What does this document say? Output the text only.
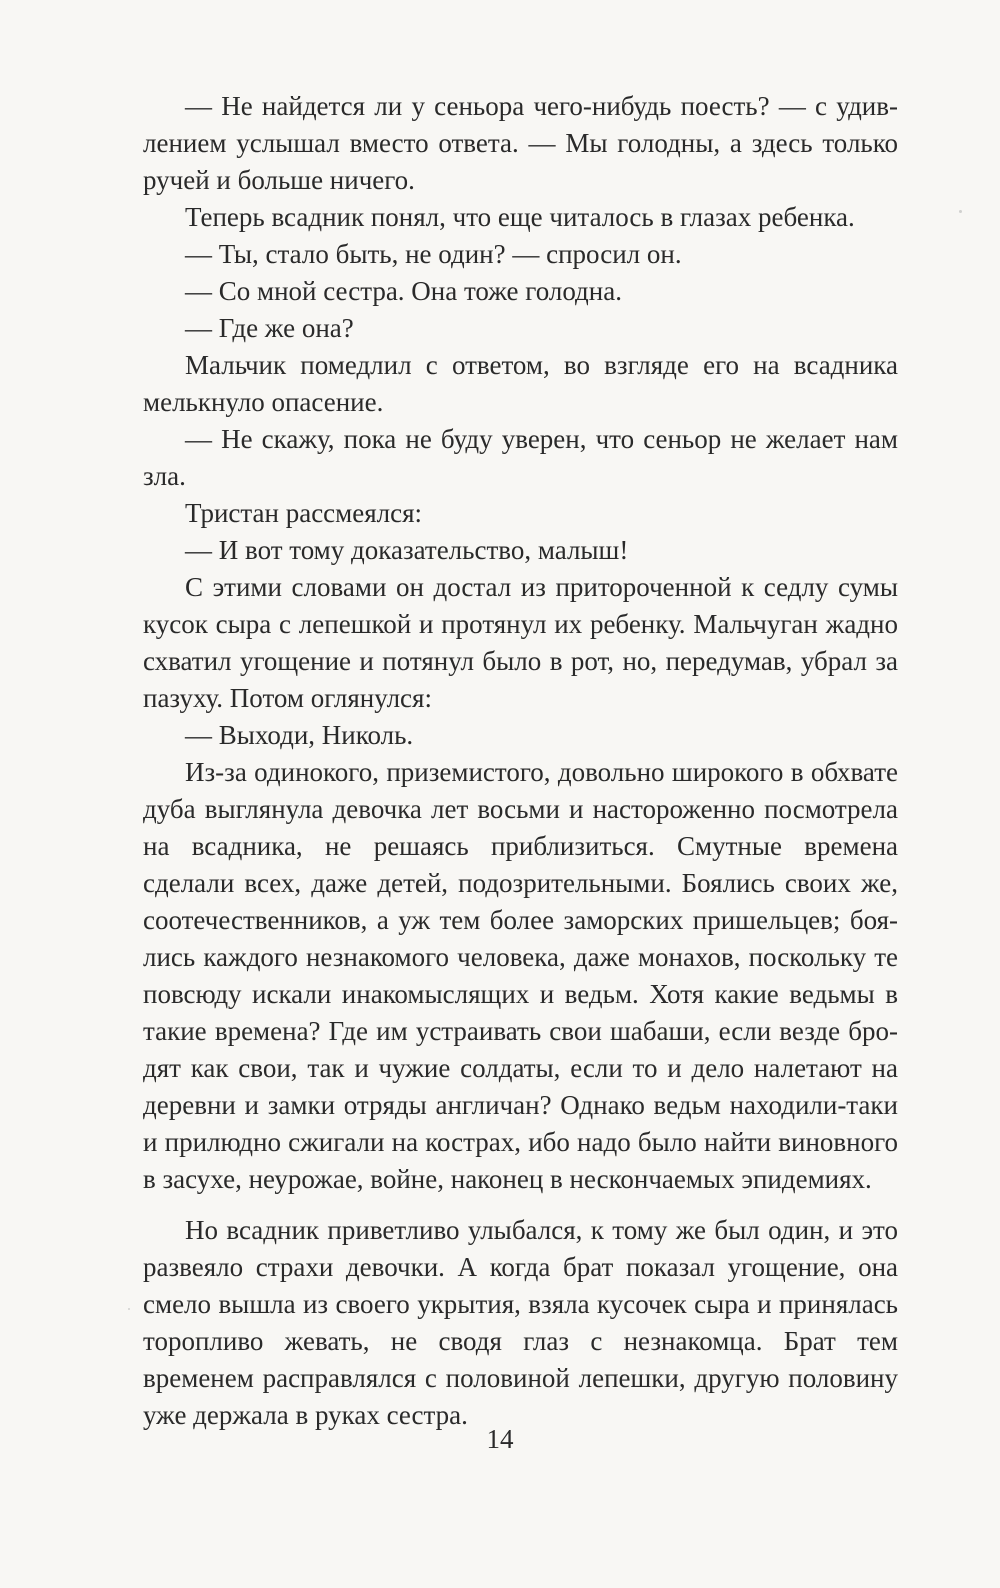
— Не найдется ли у сеньора чего-нибудь поесть? — с удивлением услышал вместо ответа. — Мы голодны, а здесь только ручей и больше ничего.

Теперь всадник понял, что еще читалось в глазах ребенка.

— Ты, стало быть, не один? — спросил он.

— Со мной сестра. Она тоже голодна.

— Где же она?

Мальчик помедлил с ответом, во взгляде его на всадника мелькнуло опасение.

— Не скажу, пока не буду уверен, что сеньор не желает нам зла.

Тристан рассмеялся:

— И вот тому доказательство, малыш!

С этими словами он достал из притороченной к седлу сумы кусок сыра с лепешкой и протянул их ребенку. Мальчуган жадно схватил угощение и потянул было в рот, но, передумав, убрал за пазуху. Потом оглянулся:

— Выходи, Николь.

Из-за одинокого, приземистого, довольно широкого в обхвате дуба выглянула девочка лет восьми и настороженно посмотрела на всадника, не решаясь приблизиться. Смутные времена сделали всех, даже детей, подозрительными. Боялись своих же, соотечественников, а уж тем более заморских пришельцев; боялись каждого незнакомого человека, даже монахов, поскольку те повсюду искали инакомыслящих и ведьм. Хотя какие ведьмы в такие времена? Где им устраивать свои шабаши, если везде бродят как свои, так и чужие солдаты, если то и дело налетают на деревни и замки отряды англичан? Однако ведьм находили-таки и прилюдно сжигали на кострах, ибо надо было найти виновного в засухе, неурожае, войне, наконец в нескончаемых эпидемиях.

Но всадник приветливо улыбался, к тому же был один, и это развеяло страхи девочки. А когда брат показал угощение, она смело вышла из своего укрытия, взяла кусочек сыра и принялась торопливо жевать, не сводя глаз с незнакомца. Брат тем временем расправлялся с половиной лепешки, другую половину уже держала в руках сестра.

14
